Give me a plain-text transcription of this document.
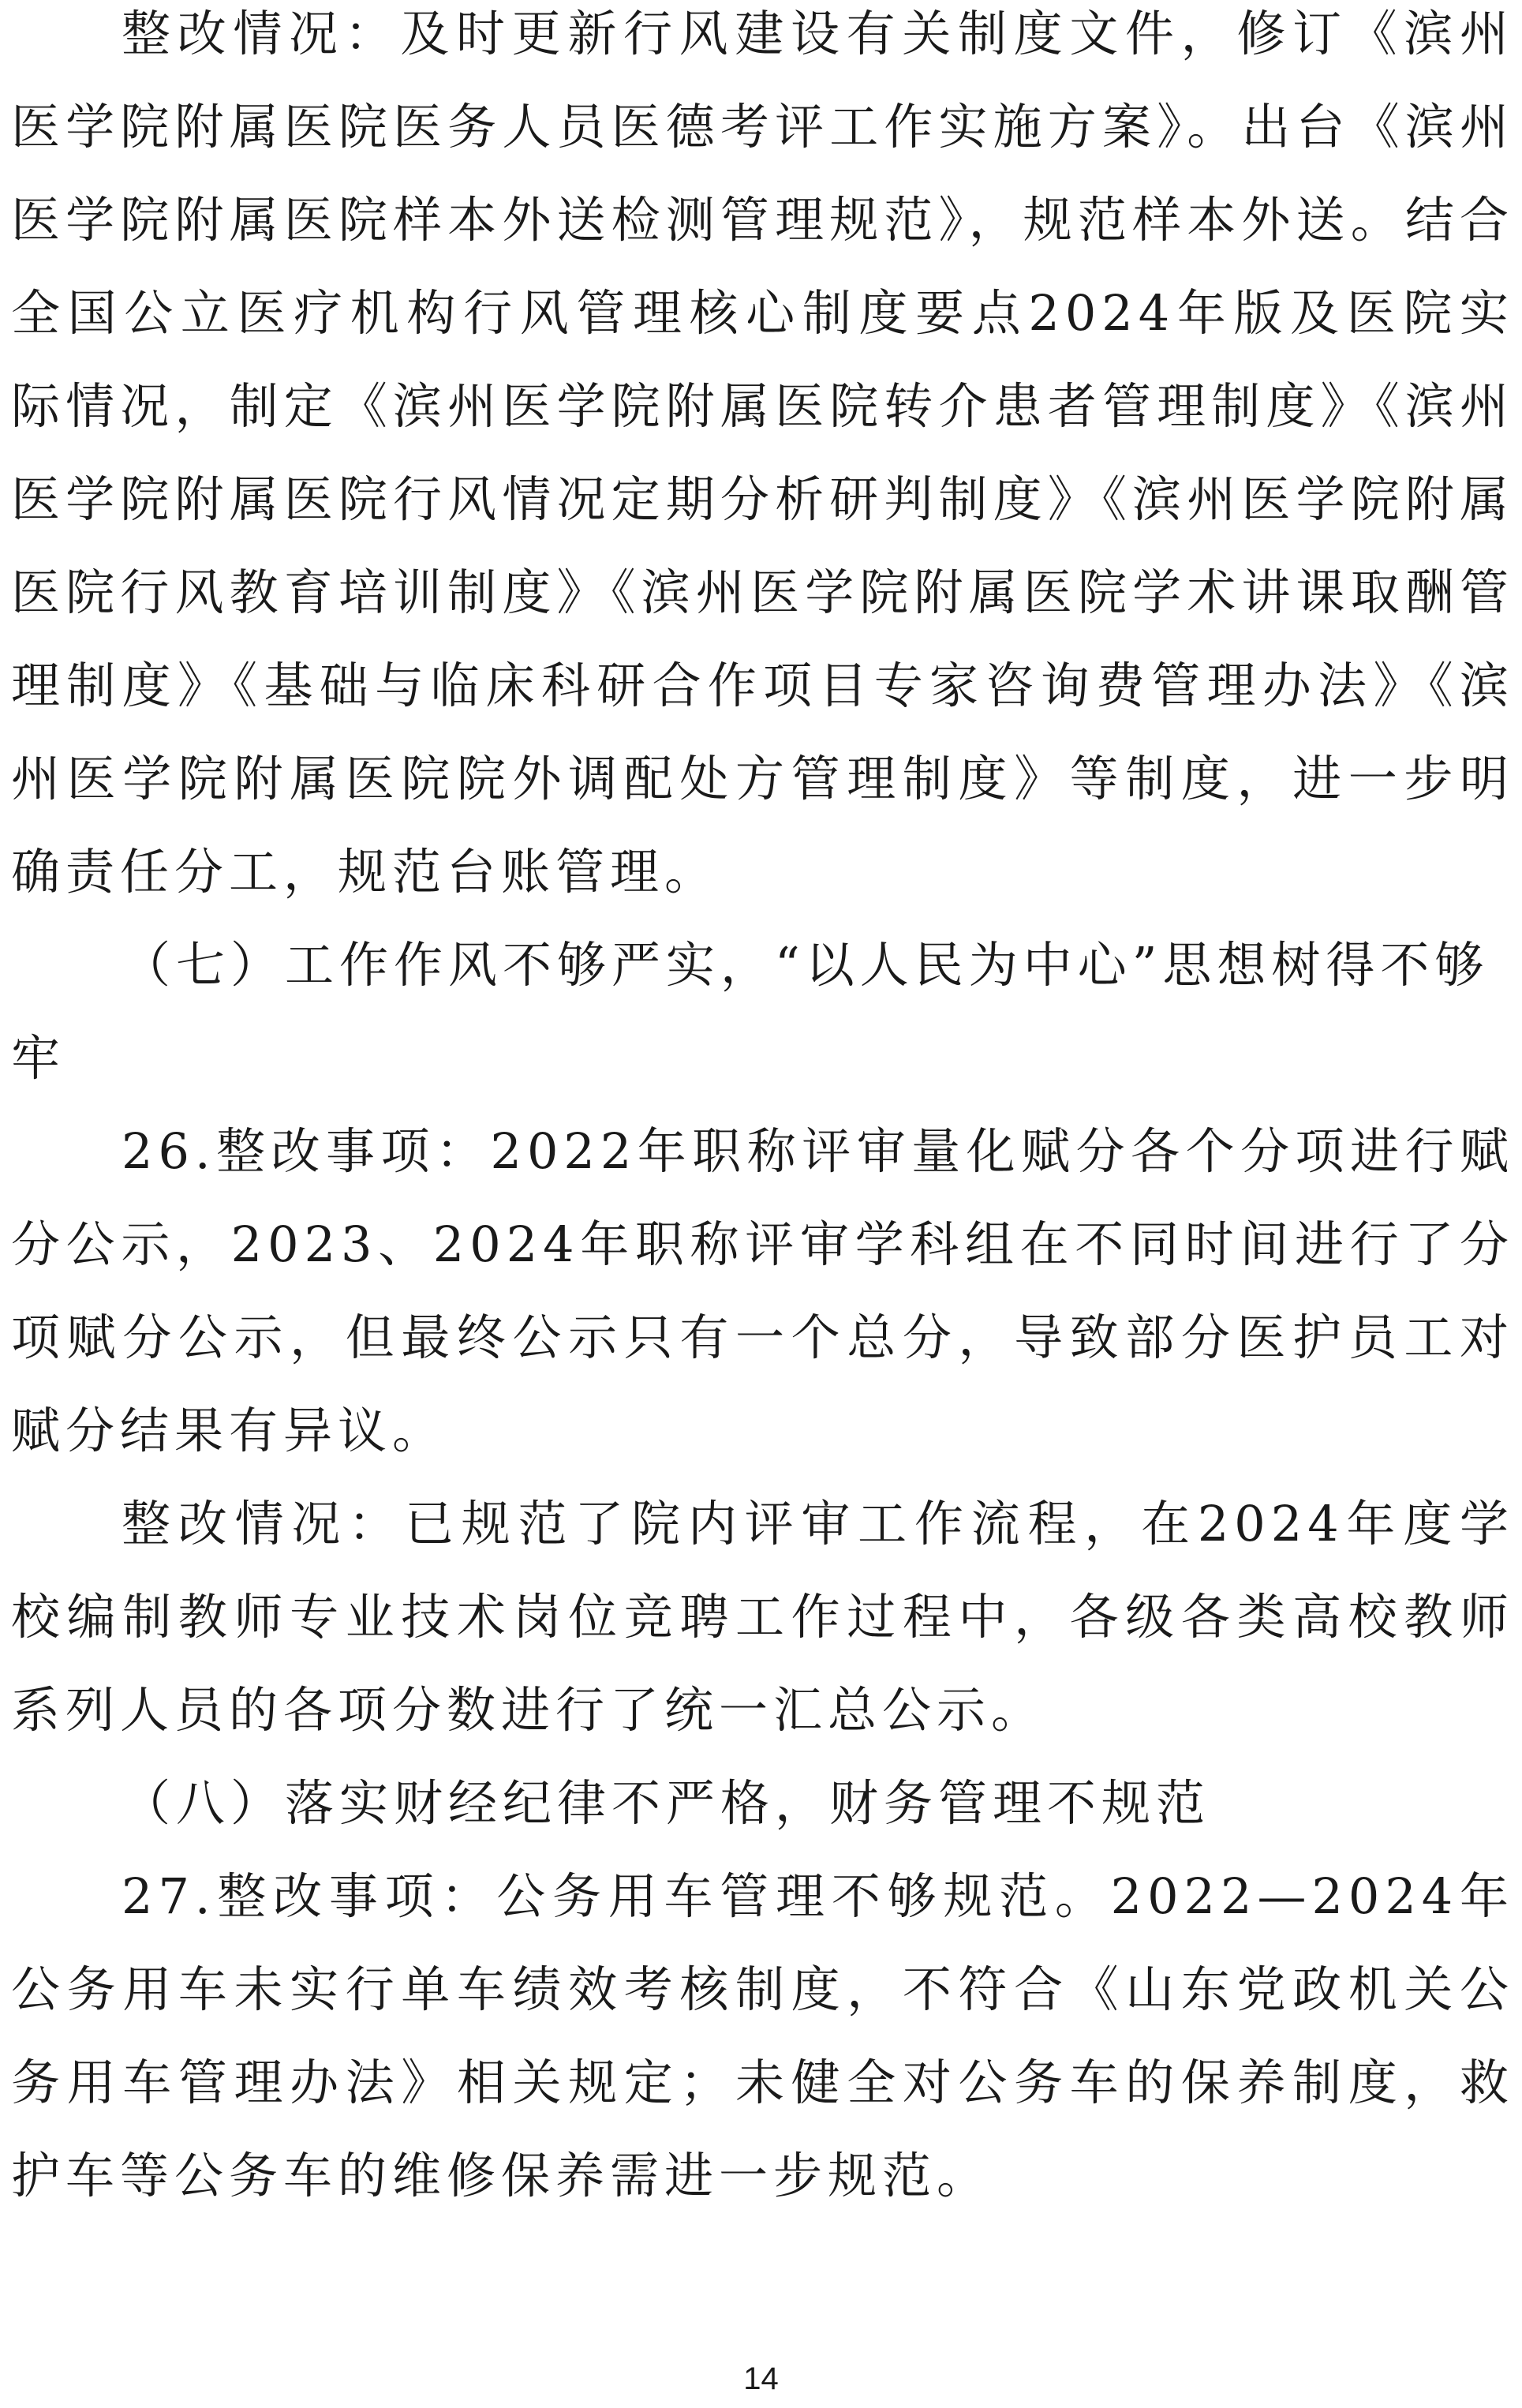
整改情况：及时更新行风建设有关制度文件，修订《滨州医学院附属医院医务人员医德考评工作实施方案》。出台《滨州医学院附属医院样本外送检测管理规范》，规范样本外送。结合全国公立医疗机构行风管理核心制度要点2024年版及医院实际情况，制定《滨州医学院附属医院转介患者管理制度》《滨州医学院附属医院行风情况定期分析研判制度》《滨州医学院附属医院行风教育培训制度》《滨州医学院附属医院学术讲课取酬管理制度》《基础与临床科研合作项目专家咨询费管理办法》《滨州医学院附属医院院外调配处方管理制度》等制度，进一步明确责任分工，规范台账管理。

（七）工作作风不够严实，“以人民为中心”思想树得不够牢

26.整改事项：2022年职称评审量化赋分各个分项进行赋分公示，2023、2024年职称评审学科组在不同时间进行了分项赋分公示，但最终公示只有一个总分，导致部分医护员工对赋分结果有异议。

整改情况：已规范了院内评审工作流程，在2024年度学校编制教师专业技术岗位竞聘工作过程中，各级各类高校教师系列人员的各项分数进行了统一汇总公示。

（八）落实财经纪律不严格，财务管理不规范

27.整改事项：公务用车管理不够规范。2022—2024年公务用车未实行单车绩效考核制度，不符合《山东党政机关公务用车管理办法》相关规定；未健全对公务车的保养制度，救护车等公务车的维修保养需进一步规范。

14
